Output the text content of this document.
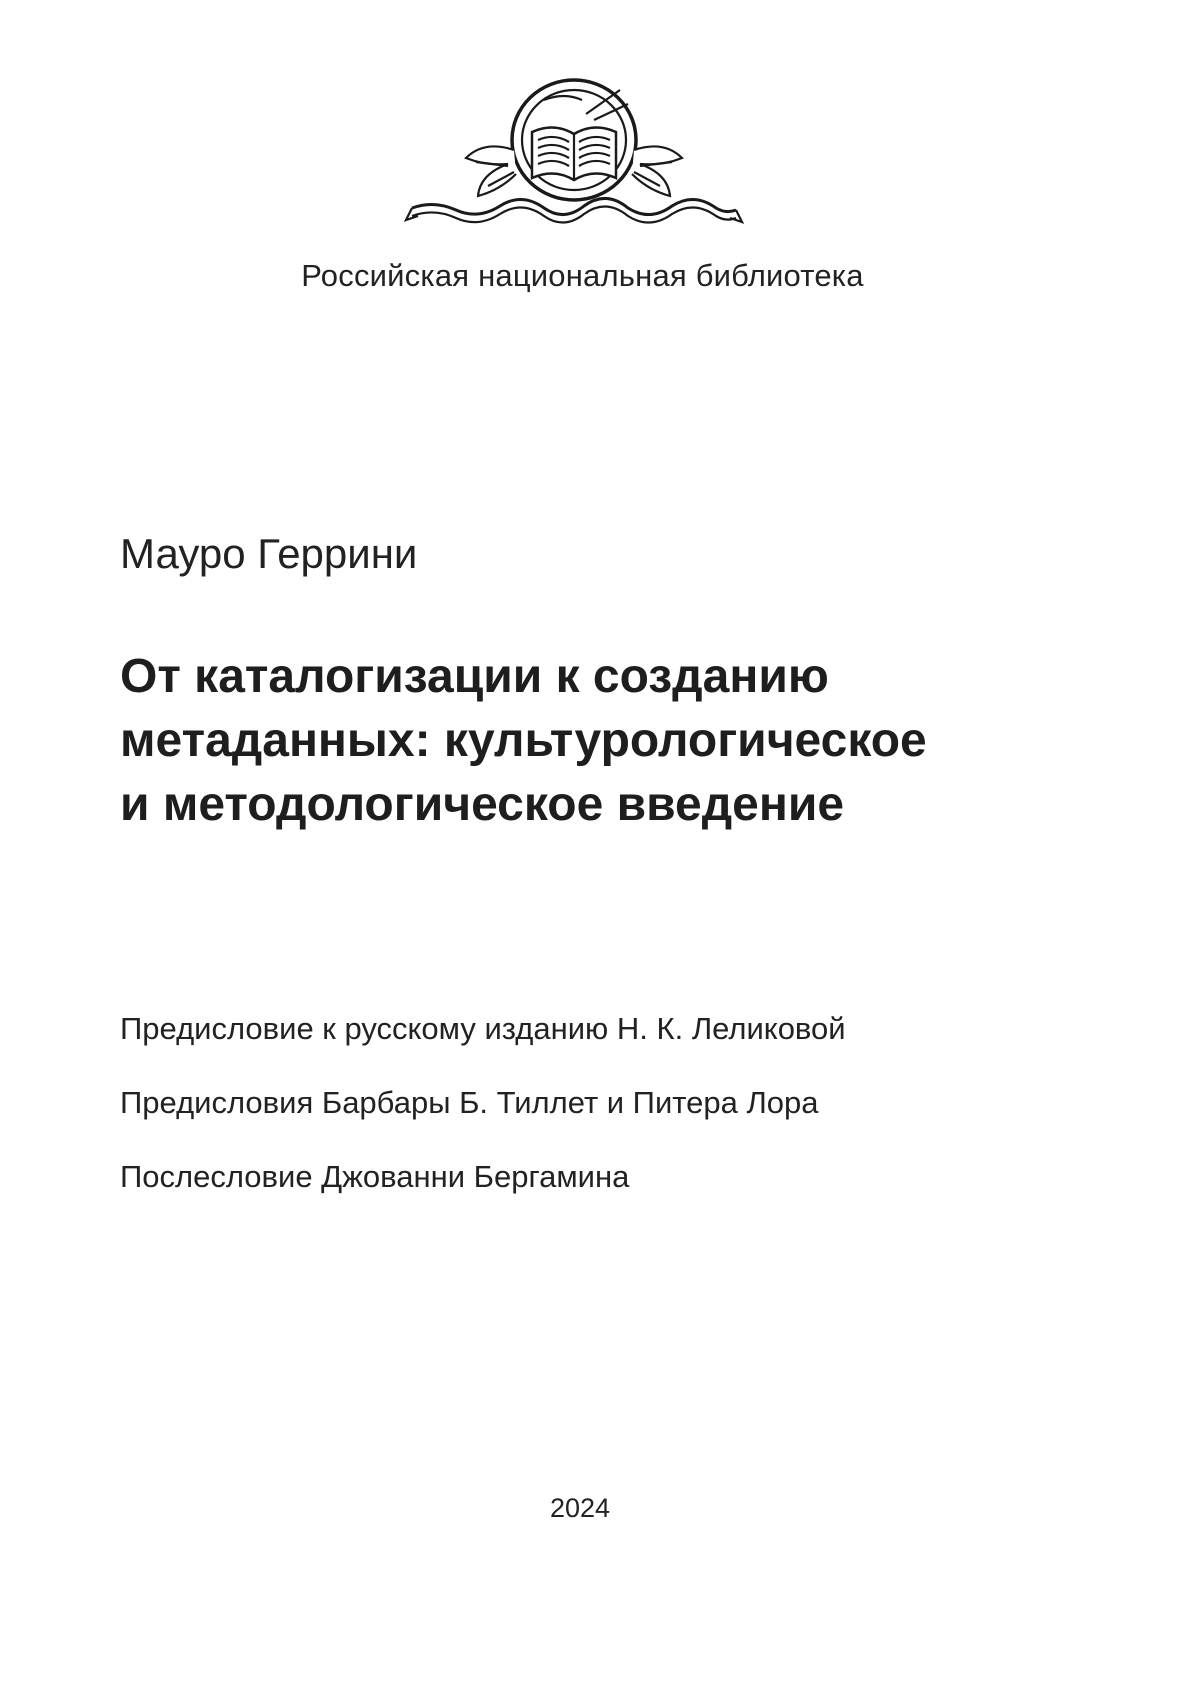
Российская национальная библиотека
Мауро Геррини
От каталогизации к созданию
метаданных: культурологическое
и методологическое введение
Предисловие к русскому изданию Н. К. Леликовой
Предисловия Барбары Б. Тиллет и Питера Лора
Послесловие Джованни Бергамина
2024
